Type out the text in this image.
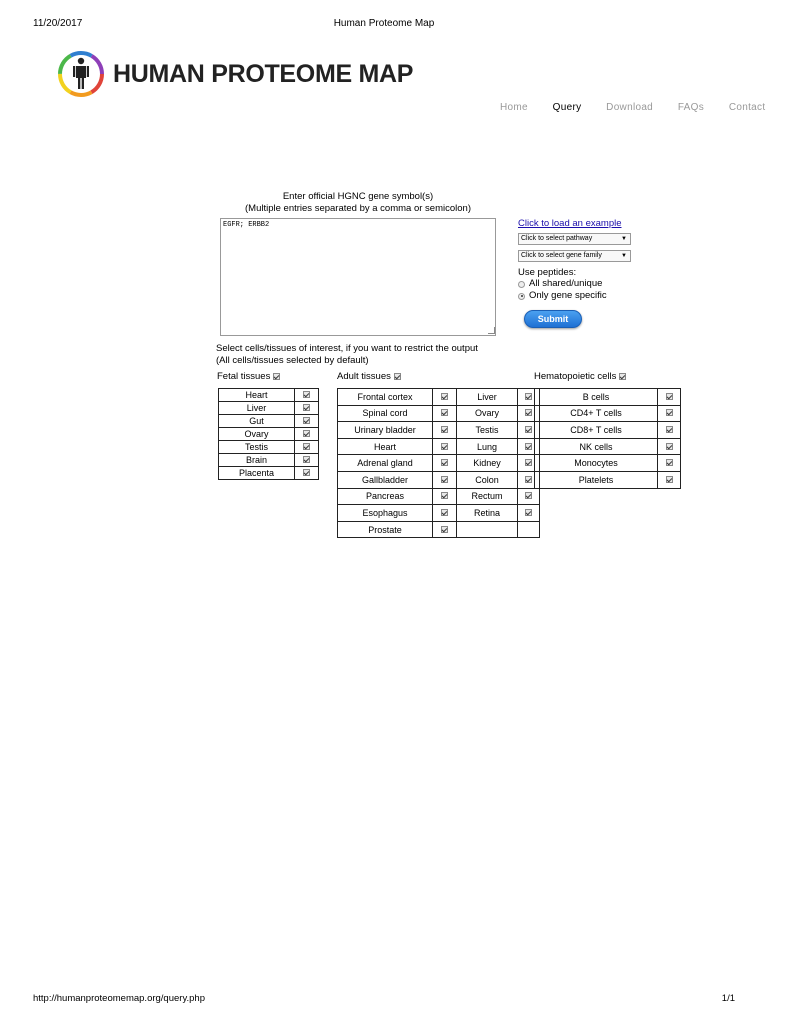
11/20/2017	Human Proteome Map
HUMAN PROTEOME MAP
Home Query Download FAQs Contact
Enter official HGNC gene symbol(s)
(Multiple entries separated by a comma or semicolon)
EGFR; ERBB2
Click to load an example
Click to select pathway	▼
Click to select gene family	▼
Use peptides:
All shared/unique
Only gene specific
Submit
Select cells/tissues of interest, if you want to restrict the output
(All cells/tissues selected by default)
Fetal tissues	Adult tissues	Hematopoietic cells
Heart	
Liver	
Gut	
Ovary	
Testis	
Brain	
Placenta	
Frontal cortex		Liver	
Spinal cord		Ovary	
Urinary bladder		Testis	
Heart		Lung	
Adrenal gland		Kidney	
Gallbladder		Colon	
Pancreas		Rectum	
Esophagus		Retina	
Prostate			
B cells	
CD4+ T cells	
CD8+ T cells	
NK cells	
Monocytes	
Platelets	
http://humanproteomemap.org/query.php	1/1
